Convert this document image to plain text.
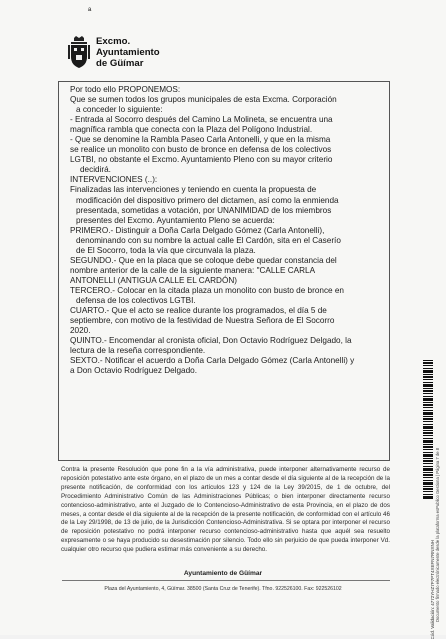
ª
Excmo.
Ayuntamiento
de Güímar

Por todo ello PROPONEMOS:

Que se sumen todos los grupos municipales de esta Excma. Corporación

a conceder lo siguiente:

- Entrada al Socorro después del Camino La Molineta, se encuentra una

magnífica rambla que conecta con la Plaza del Polígono Industrial.

- Que se denomine la Rambla Paseo Carla Antonelli, y que en la misma

se realice un monolito con busto de bronce en defensa de los colectivos

LGTBI, no obstante el Excmo. Ayuntamiento Pleno con su mayor criterio

decidirá.

INTERVENCIONES (..):

Finalizadas las intervenciones y teniendo en cuenta la propuesta de

modificación del dispositivo primero del dictamen, así como la enmienda

presentada, sometidas a votación, por UNANIMIDAD de los miembros

presentes del Excmo. Ayuntamiento Pleno se acuerda:

PRIMERO.- Distinguir a Doña Carla Delgado Gómez (Carla Antonelli),

denominando con su nombre la actual calle El Cardón, sita en el Caserío

de El Socorro, toda la vía que circunvala la plaza.

SEGUNDO.- Que en la placa que se coloque debe quedar constancia del

nombre anterior de la calle de la siguiente manera: "CALLE CARLA

ANTONELLI (ANTIGUA CALLE EL CARDÓN)

TERCERO.- Colocar en la citada plaza un monolito con busto de bronce en

defensa de los colectivos LGTBI.

CUARTO.- Que el acto se realice durante los programados, el día 5 de

septiembre, con motivo de la festividad de Nuestra Señora de El Socorro

2020.

QUINTO.- Encomendar al cronista oficial, Don Octavio Rodríguez Delgado, la

lectura de la reseña correspondiente.

SEXTO.- Notificar el acuerdo a Doña Carla Delgado Gómez (Carla Antonelli) y

a Don Octavio Rodríguez Delgado.

Contra la presente Resolución que pone fin a la vía administrativa, puede interponer alternativamente recurso de reposición potestativo ante este órgano, en el plazo de un mes a contar desde el día siguiente al de la recepción de la presente notificación, de conformidad con los artículos 123 y 124 de la Ley 39/2015, de 1 de octubre, del Procedimiento Administrativo Común de las Administraciones Públicas; o bien interponer directamente recurso contencioso-administrativo, ante el Juzgado de lo Contencioso-Administrativo de esta Provincia, en el plazo de dos meses, a contar desde el día siguiente al de la recepción de la presente notificación, de conformidad con el artículo 46 de la Ley 29/1998, de 13 de julio, de la Jurisdicción Contencioso-Administrativa. Si se optara por interponer el recurso de reposición potestativo no podrá interponer recurso contencioso-administrativo hasta que aquél sea resuelto expresamente o se haya producido su desestimación por silencio. Todo ello sin perjuicio de que pueda interponer Vd. cualquier otro recurso que pudiera estimar más conveniente a su derecho.
Ayuntamiento de Güímar
Plaza del Ayuntamiento, 4, Güímar. 38500 (Santa Cruz de Tenerife). Tfno. 922526100. Fax: 922526102	Documento firmado electrónicamente desde la plataforma esPublico Gestiona | Página 7 de 8
Cód. Validación: 4772YHZ7P7PT4XEFN7RNXNH
